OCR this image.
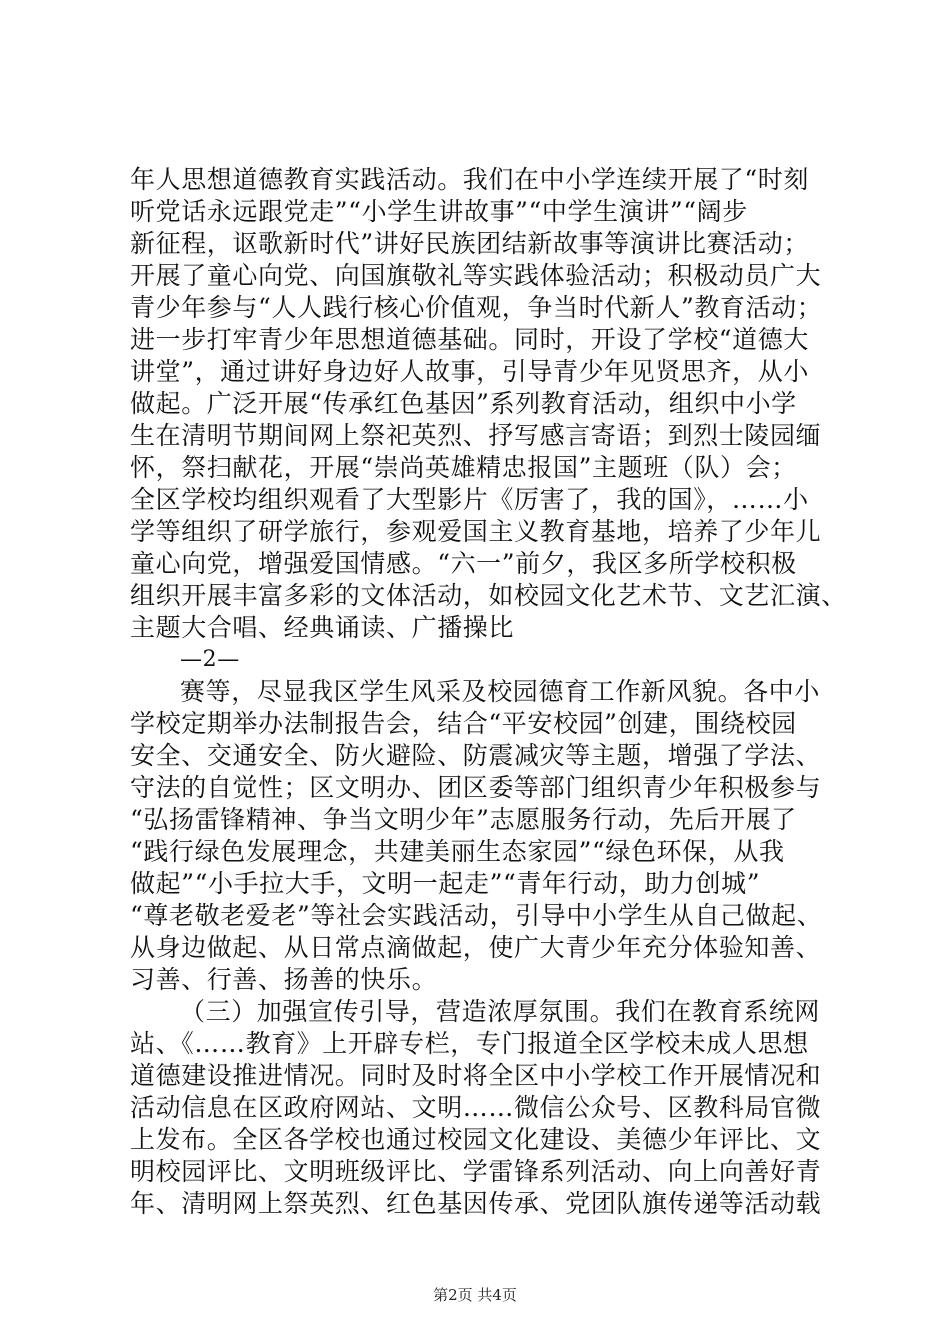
年人思想道德教育实践活动。我们在中小学连续开展了“时刻
听党话永远跟党走”“小学生讲故事”“中学生演讲”“阔步
新征程，讴歌新时代”讲好民族团结新故事等演讲比赛活动；
开展了童心向党、向国旗敬礼等实践体验活动；积极动员广大
青少年参与“人人践行核心价值观，争当时代新人”教育活动；
进一步打牢青少年思想道德基础。同时，开设了学校“道德大
讲堂”，通过讲好身边好人故事，引导青少年见贤思齐，从小
做起。广泛开展“传承红色基因”系列教育活动，组织中小学
生在清明节期间网上祭祀英烈、抒写感言寄语；到烈士陵园缅
怀，祭扫献花，开展“崇尚英雄精忠报国”主题班（队）会；
全区学校均组织观看了大型影片《厉害了，我的国》，……小
学等组织了研学旅行，参观爱国主义教育基地，培养了少年儿
童心向党，增强爱国情感。“六一”前夕，我区多所学校积极
组织开展丰富多彩的文体活动，如校园文化艺术节、文艺汇演、
主题大合唱、经典诵读、广播操比
—2—
赛等，尽显我区学生风采及校园德育工作新风貌。各中小
学校定期举办法制报告会，结合“平安校园”创建，围绕校园
安全、交通安全、防火避险、防震减灾等主题，增强了学法、
守法的自觉性；区文明办、团区委等部门组织青少年积极参与
“弘扬雷锋精神、争当文明少年”志愿服务行动，先后开展了
“践行绿色发展理念，共建美丽生态家园”“绿色环保，从我
做起”“小手拉大手，文明一起走”“青年行动，助力创城”
“尊老敬老爱老”等社会实践活动，引导中小学生从自己做起、
从身边做起、从日常点滴做起，使广大青少年充分体验知善、
习善、行善、扬善的快乐。
（三）加强宣传引导，营造浓厚氛围。我们在教育系统网
站、《……教育》上开辟专栏，专门报道全区学校未成人思想
道德建设推进情况。同时及时将全区中小学校工作开展情况和
活动信息在区政府网站、文明……微信公众号、区教科局官微
上发布。全区各学校也通过校园文化建设、美德少年评比、文
明校园评比、文明班级评比、学雷锋系列活动、向上向善好青
年、清明网上祭英烈、红色基因传承、党团队旗传递等活动载
第2页 共4页
